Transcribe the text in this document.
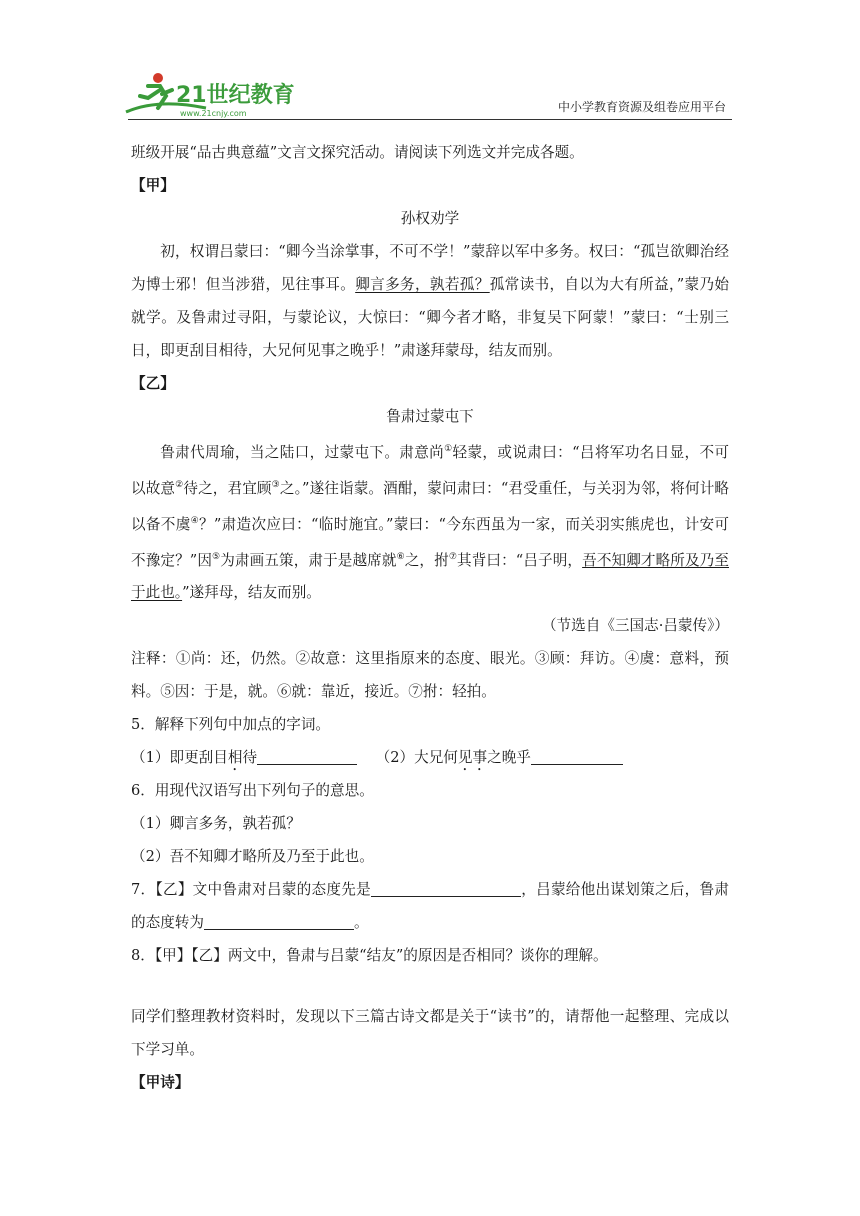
21世纪教育
www.21cnjy.com	中小学教育资源及组卷应用平台

班级开展“品古典意蕴”文言文探究活动。请阅读下列选文并完成各题。

【甲】

孙权劝学

初，权谓吕蒙曰：“卿今当涂掌事，不可不学！”蒙辞以军中多务。权曰：“孤岂欲卿治经为博士邪！但当涉猎，见往事耳。卿言多务，孰若孤？孤常读书，自以为大有所益，”蒙乃始就学。及鲁肃过寻阳，与蒙论议，大惊曰：“卿今者才略，非复吴下阿蒙！”蒙曰：“士别三日，即更刮目相待，大兄何见事之晚乎！”肃遂拜蒙母，结友而别。

【乙】

鲁肃过蒙屯下

鲁肃代周瑜，当之陆口，过蒙屯下。肃意尚①轻蒙，或说肃曰：“吕将军功名日显，不可以故意②待之，君宜顾③之。”遂往诣蒙。酒酣，蒙问肃曰：“君受重任，与关羽为邻，将何计略以备不虞④？”肃造次应曰：“临时施宜。”蒙曰：“今东西虽为一家，而关羽实熊虎也，计安可不豫定？”因⑤为肃画五策，肃于是越席就⑥之，拊⑦其背曰：“吕子明，吾不知卿才略所及乃至于此也。”遂拜母，结友而别。

（节选自《三国志·吕蒙传》）

注释：①尚：还，仍然。②故意：这里指原来的态度、眼光。③顾：拜访。④虞：意料，预料。⑤因：于是，就。⑥就：靠近，接近。⑦拊：轻拍。

5．解释下列句中加点的字词。

（1）即更刮目相待	（2）大兄何见事之晚乎

6．用现代汉语写出下列句子的意思。

（1）卿言多务，孰若孤？

（2）吾不知卿才略所及乃至于此也。

7．【乙】文中鲁肃对吕蒙的态度先是	，吕蒙给他出谋划策之后，鲁肃的态度转为	。

8．【甲】【乙】两文中，鲁肃与吕蒙“结友”的原因是否相同？谈你的理解。

同学们整理教材资料时，发现以下三篇古诗文都是关于“读书”的，请帮他一起整理、完成以下学习单。

【甲诗】
